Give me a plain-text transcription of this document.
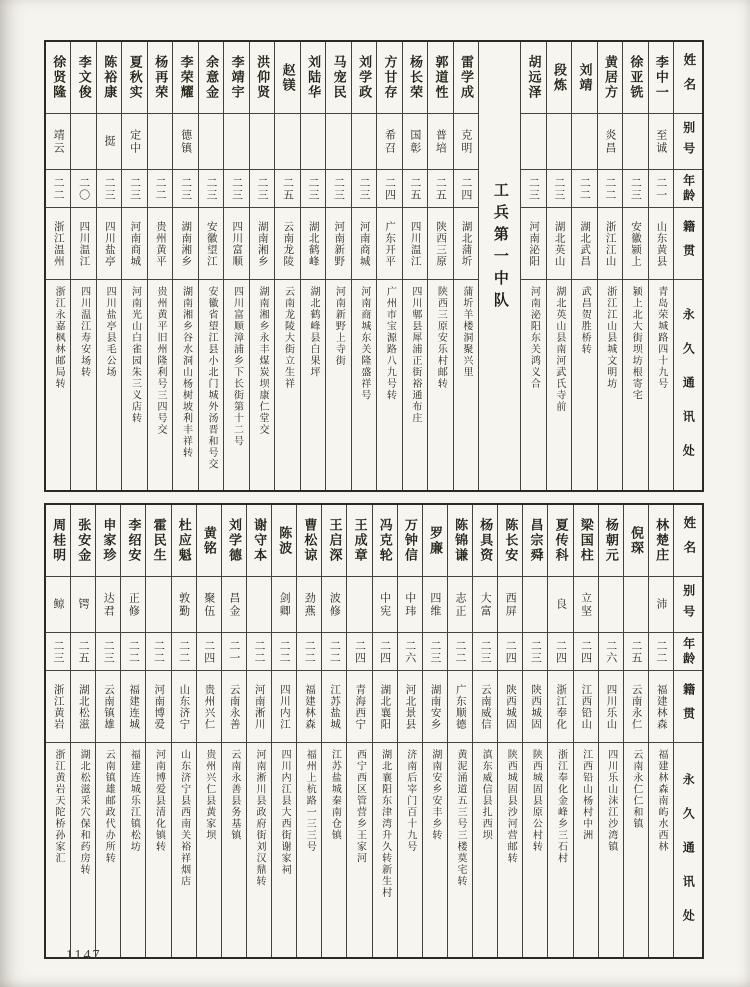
姓名
别号
年龄
籍贯
永久通讯处
李中一
至诚
二一
山东黄县
青岛荣城路四十九号
徐亚铣
二三
安徽颍上
颍上北大街坝坊根寄宅
黄居方
炎昌
二二
浙江江山
浙江江山县城文明坊
刘靖
二二
湖北武昌
武昌贺胜桥转
段炼
二三
湖北英山
湖北英山县南河武氏寺前
胡远泽
二三
河南泌阳
河南泌阳东关鸿义合
工兵第一中队
雷学成
克明
二四
湖北蒲圻
蒲圻羊楼洞聚兴里
郭道性
普培
二五
陕西三原
陕西三原安乐村邮转
杨长荣
国彰
二五
四川温江
四川郫县犀浦正街裕通布庄
方甘存
希召
二四
广东开平
广州市宝源路八九号转
刘学政
二三
河南商城
河南商城东关隆盛祥号
马宠民
二三
河南新野
河南新野上寺街
刘陆华
二三
湖北鹤峰
湖北鹤峰县白果坪
赵镁
二五
云南龙陵
云南龙陵大街立生祥
洪仰贤
二三
湖南湘乡
湖南湘乡永丰煤炭坝康仁堂交
李靖宇
二三
四川富顺
四川富顺漳浦乡下长街第十二号
余意金
二三
安徽望江
安徽省望江县小北门城外汤晋和号交
李荣耀
德镇
二三
湖南湘乡
湖南湘乡谷水洞山杨树坡利丰祥转
杨再荣
二二
贵州黄平
贵州黄平旧州隆利号三四号交
夏秋实
定中
二三
河南商城
河南光山白雀园朱三义店转
陈裕康
挺
二三
四川盐亭
四川盐亭县毛公场
李文俊
二〇
四川温江
四川温江寿安场转
徐贤隆
靖云
二二
浙江温州
浙江永嘉枫林邮局转
姓名
别号
年龄
籍贯
永久通讯处
林楚庄
沛
二二
福建林森
福建林森南屿水西林
倪琛
二五
云南永仁
云南永仁仁和镇
杨朝元
二六
四川乐山
四川乐山沫江沙湾镇
梁国柱
立坚
二四
江西铅山
江西铅山杨村中洲
夏传科
良
二四
浙江奉化
浙江奉化金峰乡三石村
昌宗舜
二三
陕西城固
陕西城固县原公村转
陈长安
西屏
二四
陕西城固
陕西城固县沙河营邮转
杨具资
大富
二三
云南威信
滇东威信县扎西坝
陈锦谦
志正
二二
广东顺德
黄泥涌道五三号三楼莫宅转
罗廉
四维
二三
湖南安乡
湖南安乡安丰乡转
万钟信
中玮
二六
河北景县
济南后宰门百十九号
冯克轮
中宪
二四
湖北襄阳
湖北襄阳东津湾升久转新生村
王成章
二四
青海西宁
西宁西区管营乡王家河
王启深
波修
二二
江苏盐城
江苏盐城秦南仓镇
曹松谅
劲燕
二二
福建林森
福州上杭路一三三号
陈波
剑卿
二二
四川内江
四川内江县大西街谢家祠
谢守本
二二
河南淅川
河南淅川县政府街刘汉鼎转
刘学德
昌金
二一
云南永善
云南永善县务基镇
黄铭
聚伍
二四
贵州兴仁
贵州兴仁县黄家坝
杜应魁
敦勤
二二
山东济宁
山东济宁县西南关裕祥烟店
霍民生
二二
河南博爱
河南博爱县清化镇转
李绍安
正修
二二
福建连城
福建连城乐江镇松坊
申家珍
达君
二三
云南镇雄
云南镇雄邮政代办所转
张安金
锷
二五
湖北松滋
湖北松滋采穴保和药房转
周桂明
鲸
二三
浙江黄岩
浙江黄岩天陀桥孙家汇
1147
